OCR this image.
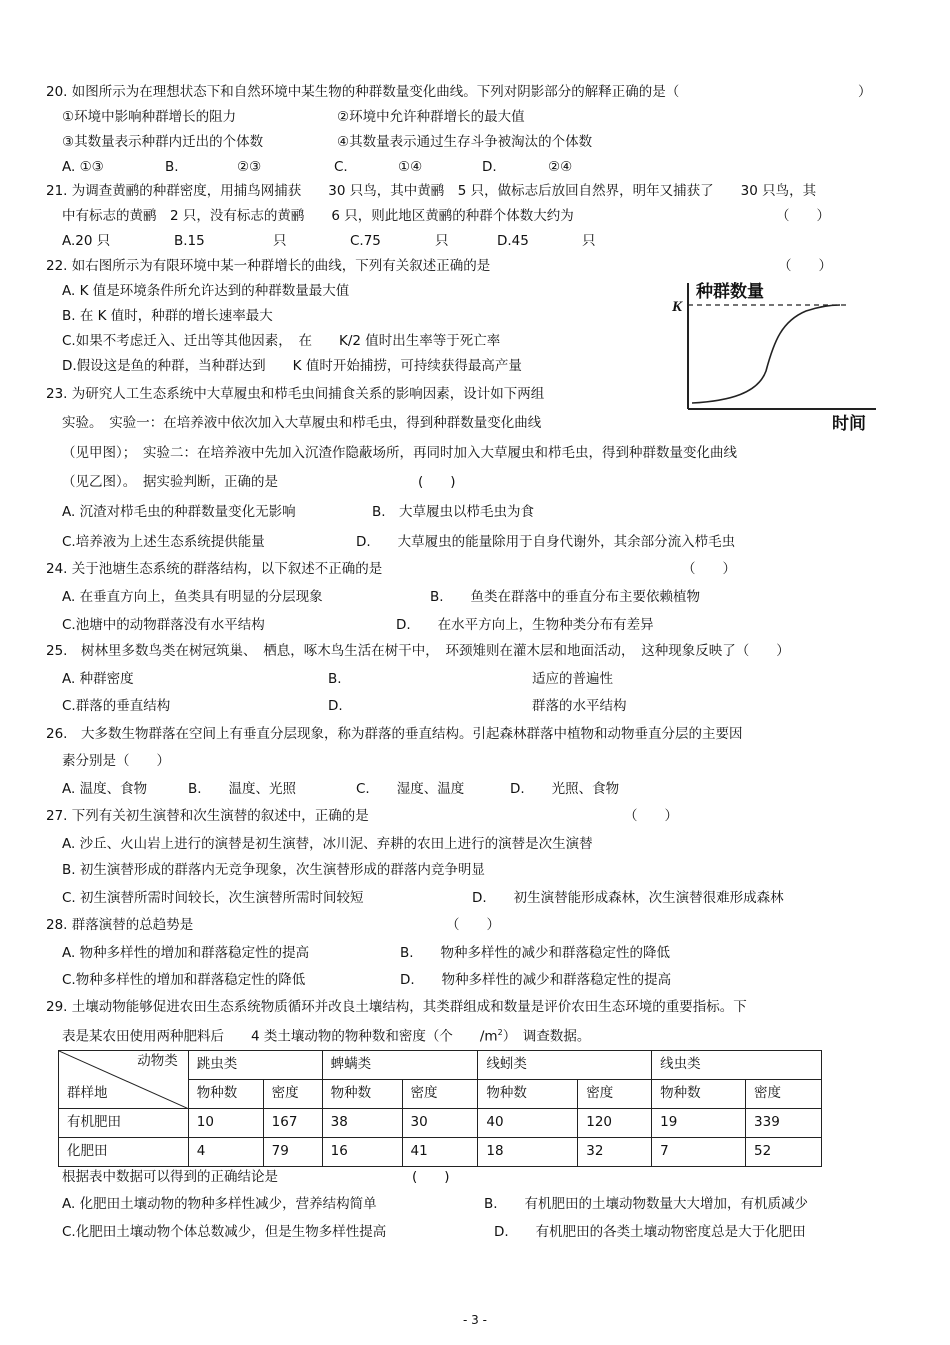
20. 如图所示为在理想状态下和自然环境中某生物的种群数量变化曲线。下列对阴影部分的解释正确的是（	）
①环境中影响种群增长的阻力	②环境中允许种群增长的最大值
③其数量表示种群内迁出的个体数	④其数量表示通过生存斗争被淘汰的个体数
A. ①③	B.	②③	C.	①④	D.	②④
21. 为调查黄鹂的种群密度，用捕鸟网捕获　　30 只鸟，其中黄鹂　5 只，做标志后放回自然界，明年又捕获了　　30 只鸟，其
中有标志的黄鹂　2 只，没有标志的黄鹂　　6 只，则此地区黄鹂的种群个体数大约为	（　　）
A.20 只	B.15	只	C.75	只	D.45	只
22. 如右图所示为有限环境中某一种群增长的曲线，下列有关叙述正确的是	（　　）
A. K 值是环境条件所允许达到的种群数量最大值
B. 在 K 值时，种群的增长速率最大
C.如果不考虑迁入、迁出等其他因素，　在　　K/2 值时出生率等于死亡率
D.假设这是鱼的种群，当种群达到　　K 值时开始捕捞，可持续获得最高产量
K
种群数量
时间
23. 为研究人工生态系统中大草履虫和栉毛虫间捕食关系的影响因素，设计如下两组
实验。　实验一：在培养液中依次加入大草履虫和栉毛虫，得到种群数量变化曲线
（见甲图）；　实验二：在培养液中先加入沉渣作隐蔽场所，再同时加入大草履虫和栉毛虫，得到种群数量变化曲线
（见乙图）。　据实验判断，正确的是	(　　)
A. 沉渣对栉毛虫的种群数量变化无影响	B.　大草履虫以栉毛虫为食
C.培养液为上述生态系统提供能量	D.　　大草履虫的能量除用于自身代谢外，其余部分流入栉毛虫
24. 关于池塘生态系统的群落结构，以下叙述不正确的是	（　　）
A. 在垂直方向上，鱼类具有明显的分层现象	B.　　鱼类在群落中的垂直分布主要依赖植物
C.池塘中的动物群落没有水平结构	D.　　在水平方向上，生物种类分布有差异
25.　树林里多数鸟类在树冠筑巢、　栖息，啄木鸟生活在树干中，　环颈雉则在灌木层和地面活动，　这种现象反映了（　　）
A. 种群密度	B.	适应的普遍性
C.群落的垂直结构	D.	群落的水平结构
26.　大多数生物群落在空间上有垂直分层现象，称为群落的垂直结构。引起森林群落中植物和动物垂直分层的主要因
素分别是（　　）
A. 温度、食物	B.　　温度、光照	C.　　湿度、温度	D.　　光照、食物
27. 下列有关初生演替和次生演替的叙述中，正确的是	（　　）
A. 沙丘、火山岩上进行的演替是初生演替，冰川泥、弃耕的农田上进行的演替是次生演替
B. 初生演替形成的群落内无竞争现象，次生演替形成的群落内竞争明显
C. 初生演替所需时间较长，次生演替所需时间较短	D.　　初生演替能形成森林，次生演替很难形成森林
28. 群落演替的总趋势是	（　　）
A. 物种多样性的增加和群落稳定性的提高	B.　　物种多样性的减少和群落稳定性的降低
C.物种多样性的增加和群落稳定性的降低	D.　　物种多样性的减少和群落稳定性的提高
29. 土壤动物能够促进农田生态系统物质循环并改良土壤结构，其类群组成和数量是评价农田生态环境的重要指标。下
表是某农田使用两种肥料后　　4 类土壤动物的物种数和密度（个　　$/m^2$）　调查数据。
动物类
群样地	跳虫类		蜱螨类		线蚓类		线虫类	
	物种数	密度	物种数	密度	物种数	密度	物种数	密度
有机肥田	10	167	38	30	40	120	19	339
化肥田	4	79	16	41	18	32	7	52
根据表中数据可以得到的正确结论是	(　　)
A. 化肥田土壤动物的物种多样性减少，营养结构简单	B.　　有机肥田的土壤动物数量大大增加，有机质减少
C.化肥田土壤动物个体总数减少，但是生物多样性提高	D.　　有机肥田的各类土壤动物密度总是大于化肥田
- 3 -
